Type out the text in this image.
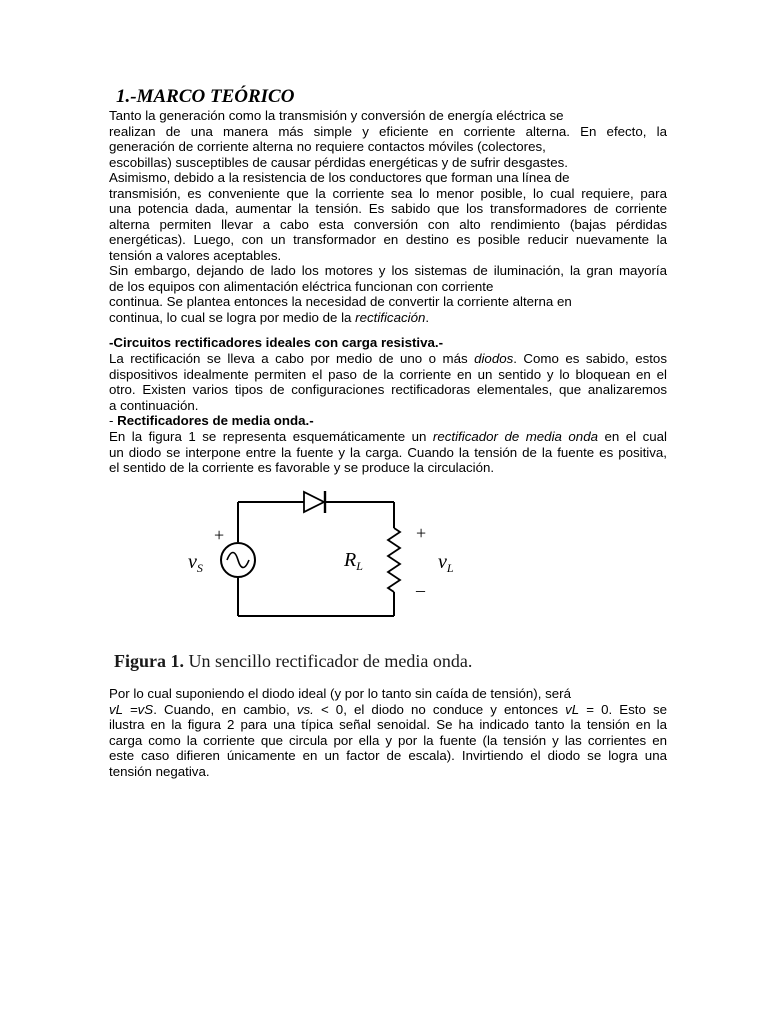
1.-MARCO TEÓRICO
Tanto la generación como la transmisión y conversión de energía eléctrica se
realizan de una manera más simple y eficiente en corriente alterna. En efecto, la
generación de corriente alterna no requiere contactos móviles (colectores,
escobillas) susceptibles de causar pérdidas energéticas y de sufrir desgastes.
Asimismo, debido a la resistencia de los conductores que forman una línea de
transmisión, es conveniente que la corriente sea lo menor posible, lo cual requiere, para
una potencia dada, aumentar la tensión. Es sabido que los transformadores de corriente
alterna permiten llevar a cabo esta conversión con alto rendimiento (bajas pérdidas
energéticas). Luego, con un transformador en destino es posible reducir nuevamente la
tensión a valores aceptables.
Sin embargo, dejando de lado los motores y los sistemas de iluminación, la gran mayoría
de los equipos con alimentación eléctrica funcionan con corriente
continua. Se plantea entonces la necesidad de convertir la corriente alterna en
continua, lo cual se logra por medio de la rectificación.
-Circuitos rectificadores ideales con carga resistiva.-
La rectificación se lleva a cabo por medio de uno o más diodos. Como es sabido, estos
dispositivos idealmente permiten el paso de la corriente en un sentido y lo bloquean en el
otro. Existen varios tipos de configuraciones rectificadoras elementales, que analizaremos
a continuación.
- Rectificadores de media onda.-
En la figura 1 se representa esquemáticamente un rectificador de media onda en el cual
un diodo se interpone entre la fuente y la carga. Cuando la tensión de la fuente es positiva,
el sentido de la corriente es favorable y se produce la circulación.
+
$v_S$	$R_L$
+
$v_L$
–
Figura 1. Un sencillo rectificador de media onda.
Por lo cual suponiendo el diodo ideal (y por lo tanto sin caída de tensión), será
vL =vS. Cuando, en cambio, vs. < 0, el diodo no conduce y entonces vL = 0. Esto se
ilustra en la figura 2 para una típica señal senoidal. Se ha indicado tanto la tensión en la
carga como la corriente que circula por ella y por la fuente (la tensión y las corrientes en
este caso difieren únicamente en un factor de escala). Invirtiendo el diodo se logra una
tensión negativa.
